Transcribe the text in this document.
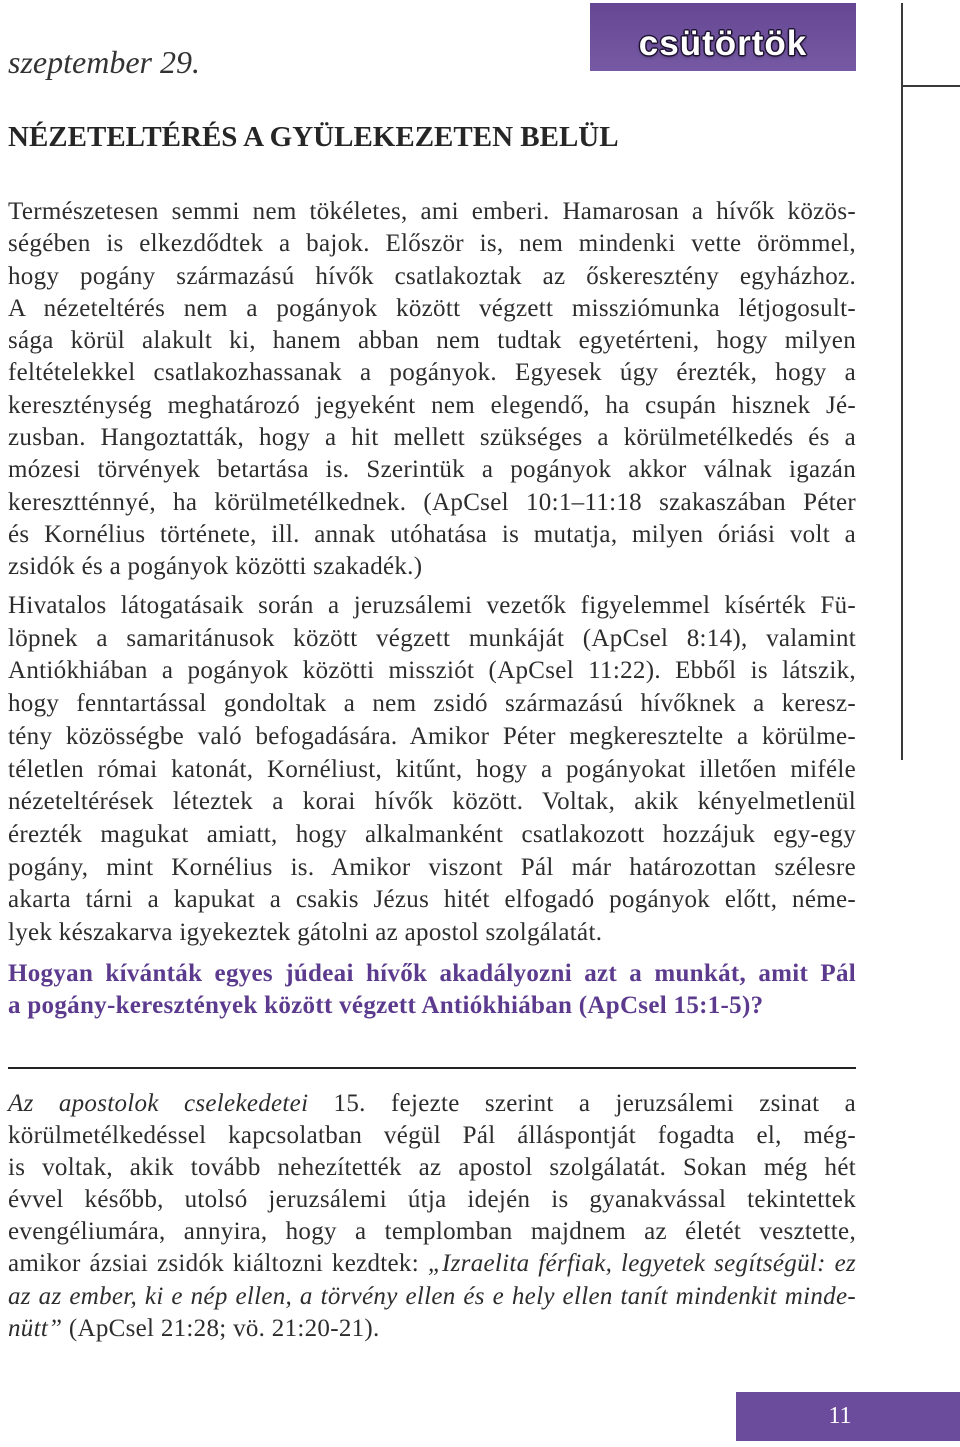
szeptember 29.	csütörtök
NÉZETELTÉRÉS A GYÜLEKEZETEN BELÜL
Természetesen semmi nem tökéletes, ami emberi. Hamarosan a hívők közös-
ségében is elkezdődtek a bajok. Először is, nem mindenki vette örömmel,
hogy pogány származású hívők csatlakoztak az őskeresztény egyházhoz.
A nézeteltérés nem a pogányok között végzett missziómunka létjogosult-
sága körül alakult ki, hanem abban nem tudtak egyetérteni, hogy milyen
feltételekkel csatlakozhassanak a pogányok. Egyesek úgy érezték, hogy a
kereszténység meghatározó jegyeként nem elegendő, ha csupán hisznek Jé-
zusban. Hangoztatták, hogy a hit mellett szükséges a körülmetélkedés és a
mózesi törvények betartása is. Szerintük a pogányok akkor válnak igazán
keresztténnyé, ha körülmetélkednek. (ApCsel 10:1–11:18 szakaszában Péter
és Kornélius története, ill. annak utóhatása is mutatja, milyen óriási volt a
zsidók és a pogányok közötti szakadék.)
Hivatalos látogatásaik során a jeruzsálemi vezetők figyelemmel kísérték Fü-
löpnek a samaritánusok között végzett munkáját (ApCsel 8:14), valamint
Antiókhiában a pogányok közötti missziót (ApCsel 11:22). Ebből is látszik,
hogy fenntartással gondoltak a nem zsidó származású hívőknek a keresz-
tény közösségbe való befogadására. Amikor Péter megkeresztelte a körülme-
téletlen római katonát, Kornéliust, kitűnt, hogy a pogányokat illetően miféle
nézeteltérések léteztek a korai hívők között. Voltak, akik kényelmetlenül
érezték magukat amiatt, hogy alkalmanként csatlakozott hozzájuk egy-egy
pogány, mint Kornélius is. Amikor viszont Pál már határozottan szélesre
akarta tárni a kapukat a csakis Jézus hitét elfogadó pogányok előtt, néme-
lyek készakarva igyekeztek gátolni az apostol szolgálatát.
Hogyan kívánták egyes júdeai hívők akadályozni azt a munkát, amit Pál
a pogány-keresztények között végzett Antiókhiában (ApCsel 15:1-5)?
Az apostolok cselekedetei 15. fejezte szerint a jeruzsálemi zsinat a
körülmetélkedéssel kapcsolatban végül Pál álláspontját fogadta el, még-
is voltak, akik tovább nehezítették az apostol szolgálatát. Sokan még hét
évvel később, utolsó jeruzsálemi útja idején is gyanakvással tekintettek
evengéliumára, annyira, hogy a templomban majdnem az életét vesztette,
amikor ázsiai zsidók kiáltozni kezdtek: „Izraelita férfiak, legyetek segítségül: ez
az az ember, ki e nép ellen, a törvény ellen és e hely ellen tanít mindenkit minde-
nütt” (ApCsel 21:28; vö. 21:20-21).
11
